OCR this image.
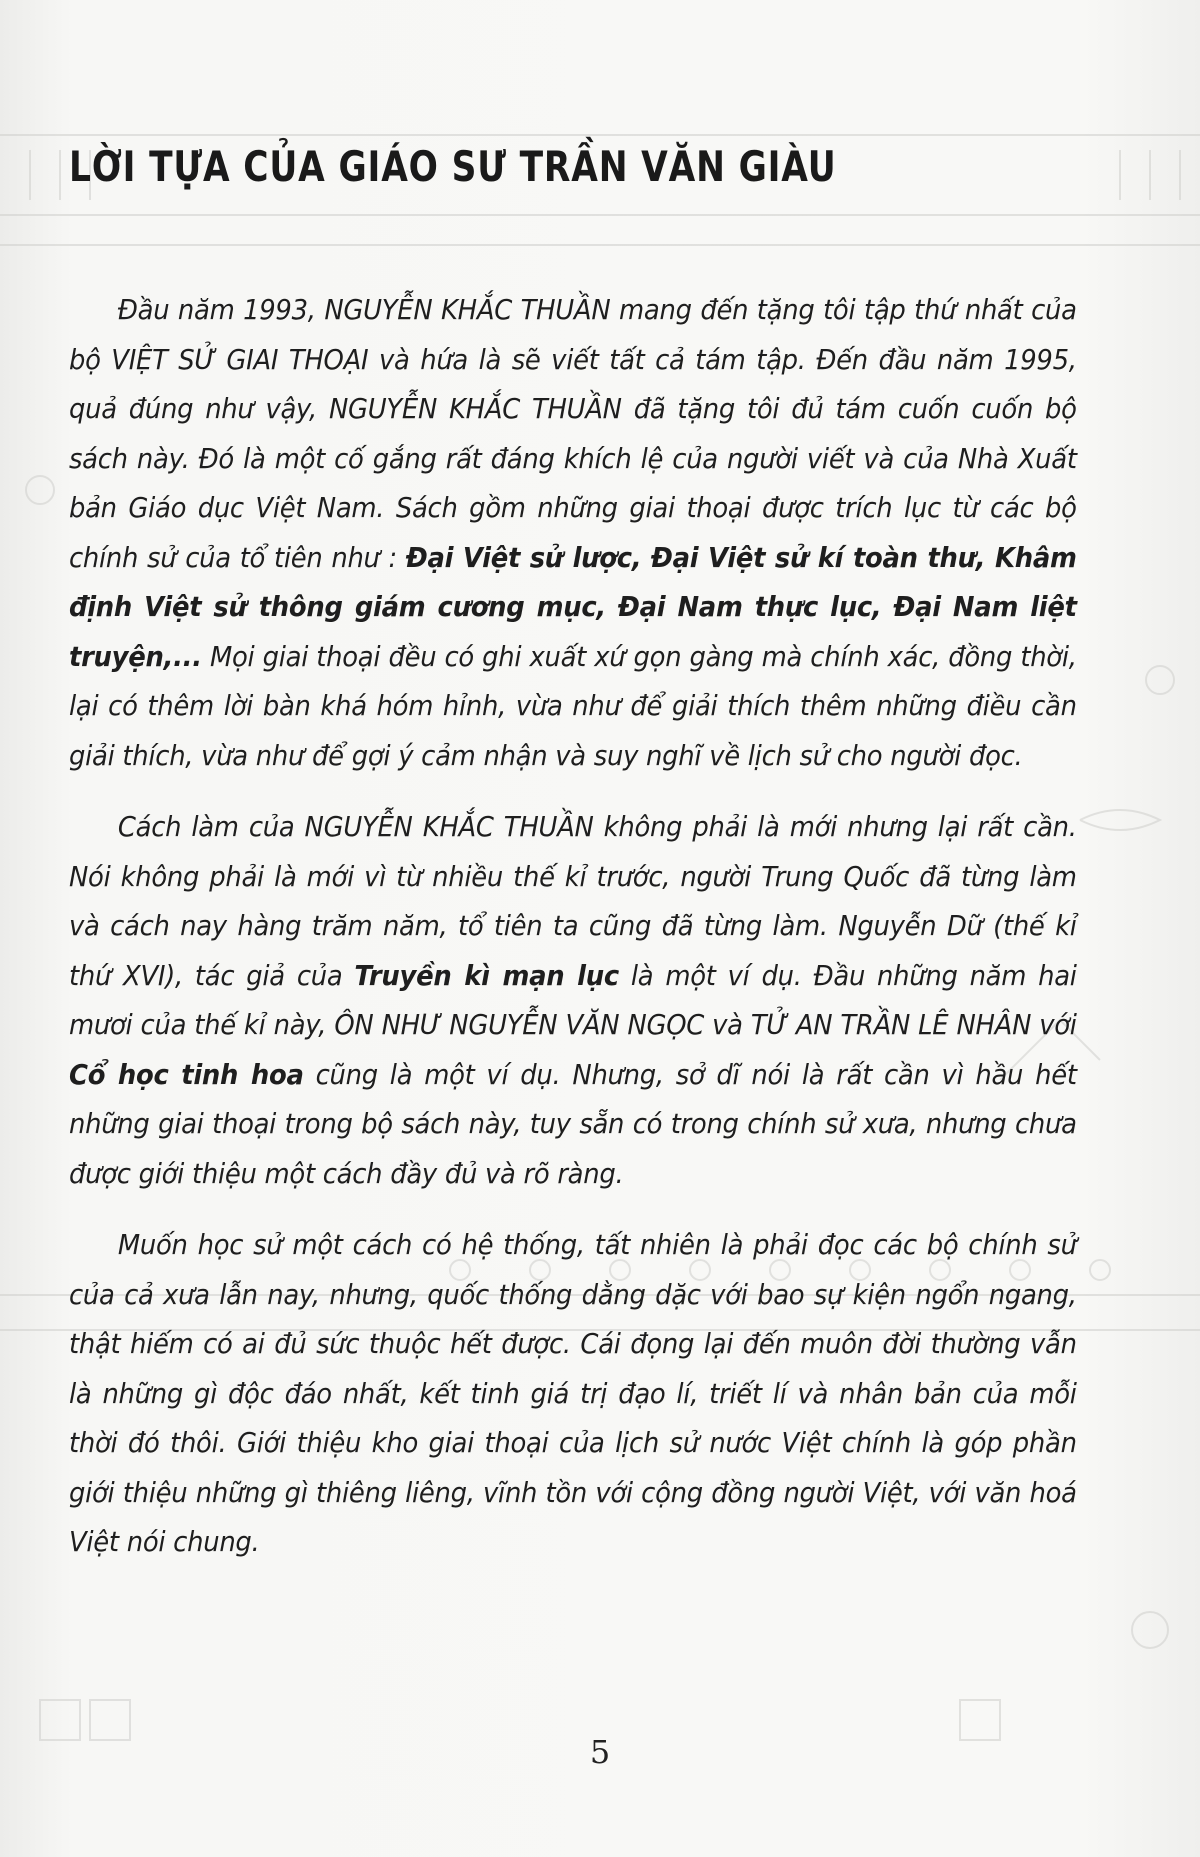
LỜI TỰA CỦA GIÁO SƯ TRẦN VĂN GIÀU

Đầu năm 1993, NGUYỄN KHẮC THUẦN mang đến tặng tôi tập thứ nhất của bộ VIỆT SỬ GIAI THOẠI và hứa là sẽ viết tất cả tám tập. Đến đầu năm 1995, quả đúng như vậy, NGUYỄN KHẮC THUẦN đã tặng tôi đủ tám cuốn cuốn bộ sách này. Đó là một cố gắng rất đáng khích lệ của người viết và của Nhà Xuất bản Giáo dục Việt Nam. Sách gồm những giai thoại được trích lục từ các bộ chính sử của tổ tiên như : Đại Việt sử lược, Đại Việt sử kí toàn thư, Khâm định Việt sử thông giám cương mục, Đại Nam thực lục, Đại Nam liệt truyện,... Mọi giai thoại đều có ghi xuất xứ gọn gàng mà chính xác, đồng thời, lại có thêm lời bàn khá hóm hỉnh, vừa như để giải thích thêm những điều cần giải thích, vừa như để gợi ý cảm nhận và suy nghĩ về lịch sử cho người đọc.

Cách làm của NGUYỄN KHẮC THUẦN không phải là mới nhưng lại rất cần. Nói không phải là mới vì từ nhiều thế kỉ trước, người Trung Quốc đã từng làm và cách nay hàng trăm năm, tổ tiên ta cũng đã từng làm. Nguyễn Dữ (thế kỉ thứ XVI), tác giả của Truyền kì mạn lục là một ví dụ. Đầu những năm hai mươi của thế kỉ này, ÔN NHƯ NGUYỄN VĂN NGỌC và TỬ AN TRẦN LÊ NHÂN với Cổ học tinh hoa cũng là một ví dụ. Nhưng, sở dĩ nói là rất cần vì hầu hết những giai thoại trong bộ sách này, tuy sẵn có trong chính sử xưa, nhưng chưa được giới thiệu một cách đầy đủ và rõ ràng.

Muốn học sử một cách có hệ thống, tất nhiên là phải đọc các bộ chính sử của cả xưa lẫn nay, nhưng, quốc thống dằng dặc với bao sự kiện ngổn ngang, thật hiếm có ai đủ sức thuộc hết được. Cái đọng lại đến muôn đời thường vẫn là những gì độc đáo nhất, kết tinh giá trị đạo lí, triết lí và nhân bản của mỗi thời đó thôi. Giới thiệu kho giai thoại của lịch sử nước Việt chính là góp phần giới thiệu những gì thiêng liêng, vĩnh tồn với cộng đồng người Việt, với văn hoá Việt nói chung.

5
